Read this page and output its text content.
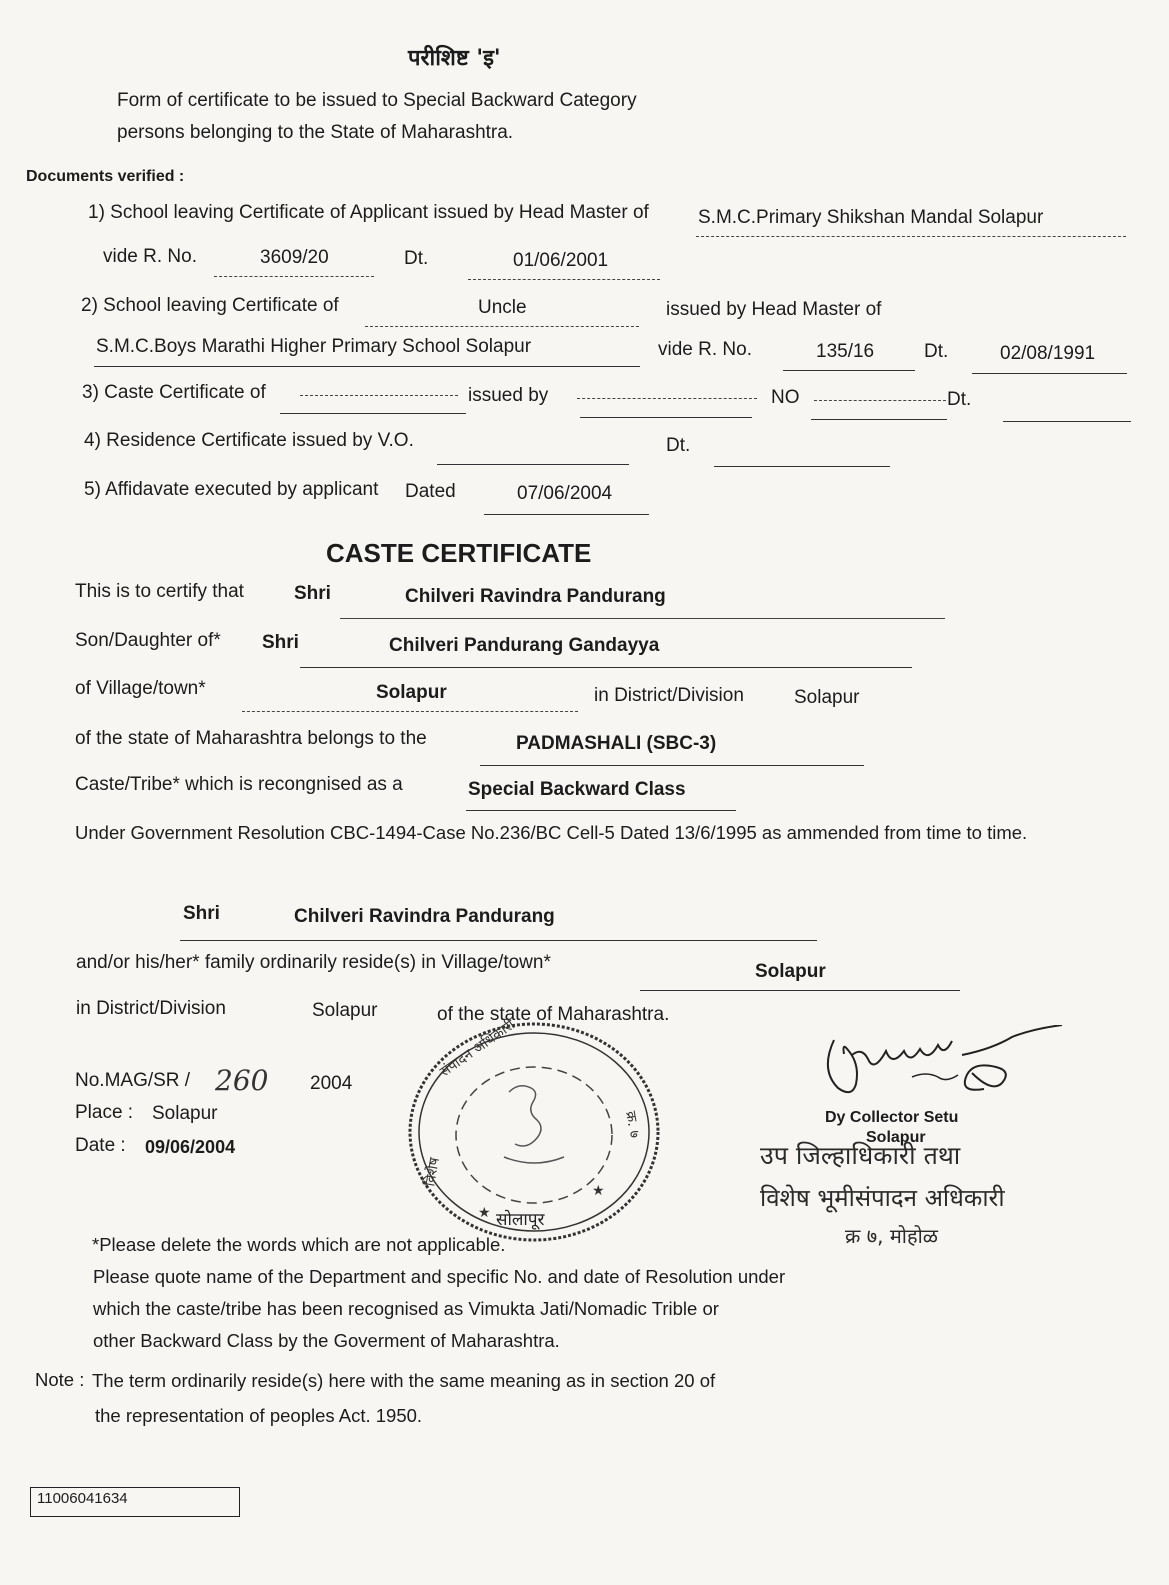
परीशिष्ट 'इ'
Form of certificate to be issued to Special Backward Category
persons belonging to the State of Maharashtra.
Documents verified :
1) School leaving Certificate of Applicant issued by Head Master of	S.M.C.Primary Shikshan Mandal Solapur
vide R. No.	3609/20	Dt.	01/06/2001
2) School leaving Certificate of	Uncle	issued by Head Master of
S.M.C.Boys Marathi Higher Primary School Solapur	vide R. No.	135/16	Dt.	02/08/1991
3) Caste Certificate of	issued by	NO	Dt.
4) Residence Certificate issued by V.O.	Dt.
5) Affidavate executed by applicant Dated	07/06/2004
CASTE CERTIFICATE
This is to certify that	Shri	Chilveri Ravindra Pandurang
Son/Daughter of* Shri	Chilveri Pandurang Gandayya
of Village/town*	Solapur	in District/Division	Solapur
of the state of Maharashtra belongs to the	PADMASHALI (SBC-3)
Caste/Tribe* which is recongnised as a	Special Backward Class
Under Government Resolution CBC-1494-Case No.236/BC Cell-5 Dated 13/6/1995 as ammended from time to time.
Shri	Chilveri Ravindra Pandurang
and/or his/her* family ordinarily reside(s) in Village/town*	Solapur
in District/Division	Solapur	of the state of Maharashtra.
संपादन अधिकारी
विशेष
क्र. ७
सोलापूर
★
★
No.MAG/SR / 260 2004
Place : Solapur
Date : 09/06/2004
Dy Collector Setu
Solapur
उप जिल्हाधिकारी तथा
विशेष भूमीसंपादन अधिकारी
क्र ७, मोहोळ
*Please delete the words which are not applicable.
Please quote name of the Department and specific No. and date of Resolution under
which the caste/tribe has been recognised as Vimukta Jati/Nomadic Trible or
other Backward Class by the Goverment of Maharashtra.
Note : The term ordinarily reside(s) here with the same meaning as in section 20 of
the representation of peoples Act. 1950.
11006041634
